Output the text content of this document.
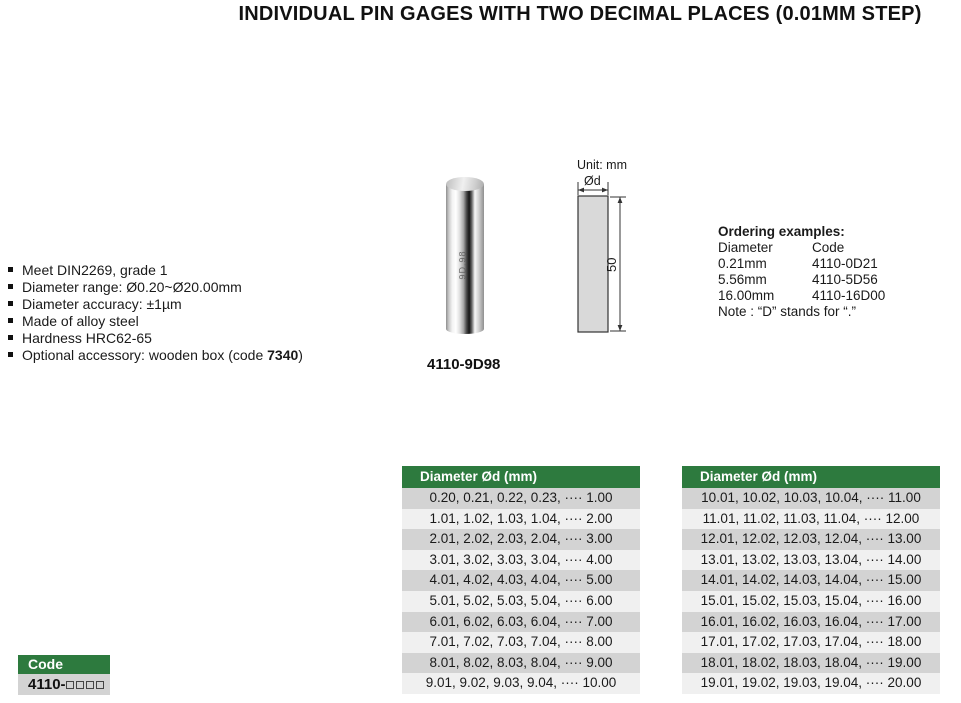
INDIVIDUAL PIN GAGES WITH TWO DECIMAL PLACES (0.01MM STEP)
Meet DIN2269, grade 1
Diameter range: Ø0.20~Ø20.00mm
Diameter accuracy: ±1µm
Made of alloy steel
Hardness HRC62-65
Optional accessory: wooden box (code 7340)
9D.98
4110-9D98
Unit: mm
Ød
50
Ordering examples:
Diameter	Code
0.21mm	4110-0D21
5.56mm	4110-5D56
16.00mm	4110-16D00
Note : “D” stands for “.”
Diameter Ød (mm)
0.20, 0.21, 0.22, 0.23, ···· 1.00
1.01, 1.02, 1.03, 1.04, ···· 2.00
2.01, 2.02, 2.03, 2.04, ···· 3.00
3.01, 3.02, 3.03, 3.04, ···· 4.00
4.01, 4.02, 4.03, 4.04, ···· 5.00
5.01, 5.02, 5.03, 5.04, ···· 6.00
6.01, 6.02, 6.03, 6.04, ···· 7.00
7.01, 7.02, 7.03, 7.04, ···· 8.00
8.01, 8.02, 8.03, 8.04, ···· 9.00
9.01, 9.02, 9.03, 9.04, ···· 10.00
Diameter Ød (mm)
10.01, 10.02, 10.03, 10.04, ···· 11.00
11.01, 11.02, 11.03, 11.04, ···· 12.00
12.01, 12.02, 12.03, 12.04, ···· 13.00
13.01, 13.02, 13.03, 13.04, ···· 14.00
14.01, 14.02, 14.03, 14.04, ···· 15.00
15.01, 15.02, 15.03, 15.04, ···· 16.00
16.01, 16.02, 16.03, 16.04, ···· 17.00
17.01, 17.02, 17.03, 17.04, ···· 18.00
18.01, 18.02, 18.03, 18.04, ···· 19.00
19.01, 19.02, 19.03, 19.04, ···· 20.00
Code
4110-
